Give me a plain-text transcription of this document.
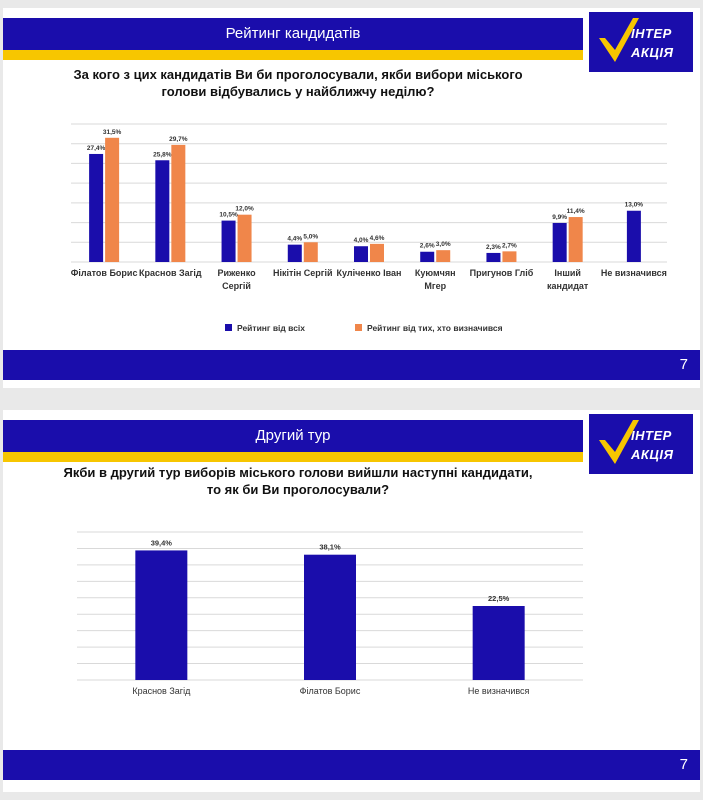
Рейтинг кандидатів	ІНТЕР
АКЦІЯ
За кого з цих кандидатів Ви би проголосували, якби вибори міського голови відбувались у найближчу неділю?
27,4%
31,5%
Філатов Борис
25,8%
29,7%
Краснов Загід
10,5%
12,0%
Риженко
Сергій
4,4% 5,0%
Нікітін Сергій
4,0% 4,6%
Куліченко Іван
2,6% 3,0%
Куюмчян
Мгер
2,3% 2,7%
Пригунов Гліб
9,9%
11,4%
Інший
кандидат
13,0%
Не визначився
Рейтинг від всіх	Рейтинг від тих, хто визначився
7
Другий тур	ІНТЕР
АКЦІЯ
Якби в другий тур виборів міського голови вийшли наступні кандидати, то як би Ви проголосували?
39,4%
Краснов Загід
38,1%
Філатов Борис
22,5%
Не визначився
7
